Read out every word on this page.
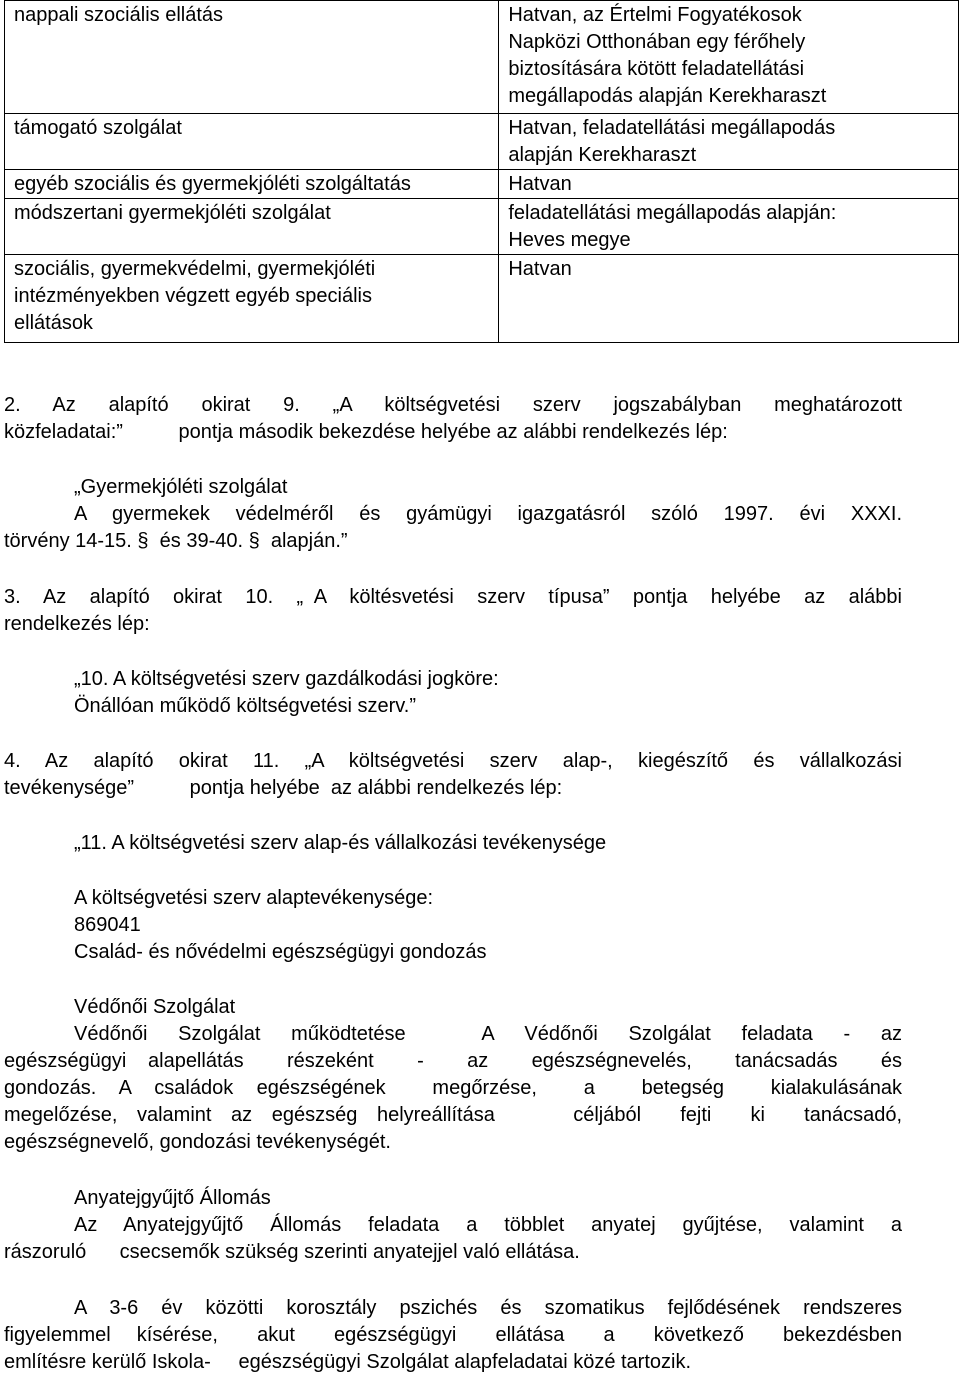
nappali szociális ellátás	Hatvan, az Értelmi Fogyatékosok
Napközi Otthonában egy férőhely
biztosítására kötött feladatellátási
megállapodás alapján Kerekharaszt

támogató szolgálat	Hatvan, feladatellátási megállapodás
alapján Kerekharaszt

egyéb szociális és gyermekjóléti szolgáltatás	Hatvan

módszertani gyermekjóléti szolgálat	feladatellátási megállapodás alapján:
Heves megye

szociális, gyermekvédelmi, gyermekjóléti
intézményekben végzett egyéb speciális
ellátások	Hatvan
2.  Az  alapító  okirat  9.  „A  költségvetési  szerv  jogszabályban  meghatározott
közfeladatai:”          pontja második bekezdése helyébe az alábbi rendelkezés lép:
„Gyermekjóléti szolgálat
A  gyermekek  védelméről  és  gyámügyi  igazgatásról  szóló  1997.  évi  XXXI.
törvény 14-15. §  és 39-40. §  alapján.”
3.  Az  alapító  okirat  10.  „ A  költésvetési  szerv  típusa”  pontja  helyébe  az  alábbi
rendelkezés lép:
„10. A költségvetési szerv gazdálkodási jogköre:
Önállóan működő költségvetési szerv.”
4.  Az  alapító  okirat  11.  „A  költségvetési  szerv  alap-,  kiegészítő  és  vállalkozási
tevékenysége”          pontja helyébe  az alábbi rendelkezés lép:
„11. A költségvetési szerv alap-és vállalkozási tevékenysége
A költségvetési szerv alaptevékenysége:
869041
Család- és nővédelmi egészségügyi gondozás
Védőnői Szolgálat
Védőnői  Szolgálat  működtetése     A  Védőnői  Szolgálat  feladata  -  az
egészségügyi alapellátás  részeként  -  az  egészségnevelés,  tanácsadás  és
gondozás. A családok egészségének  megőrzése,  a  betegség  kialakulásának
megelőzése, valamint az egészség helyreállítása    céljából  fejti  ki  tanácsadó,
egészségnevelő, gondozási tevékenységét.
Anyatejgyűjtő Állomás
Az  Anyatejgyűjtő  Állomás  feladata  a  többlet  anyatej  gyűjtése,  valamint  a
rászoruló      csecsemők szükség szerinti anyatejjel való ellátása.
A 3-6 év közötti korosztály pszichés és szomatikus fejlődésének rendszeres
figyelemmel  kísérése,   akut   egészségügyi   ellátása   a   következő   bekezdésben
említésre kerülő Iskola-     egészségügyi Szolgálat alapfeladatai közé tartozik.
